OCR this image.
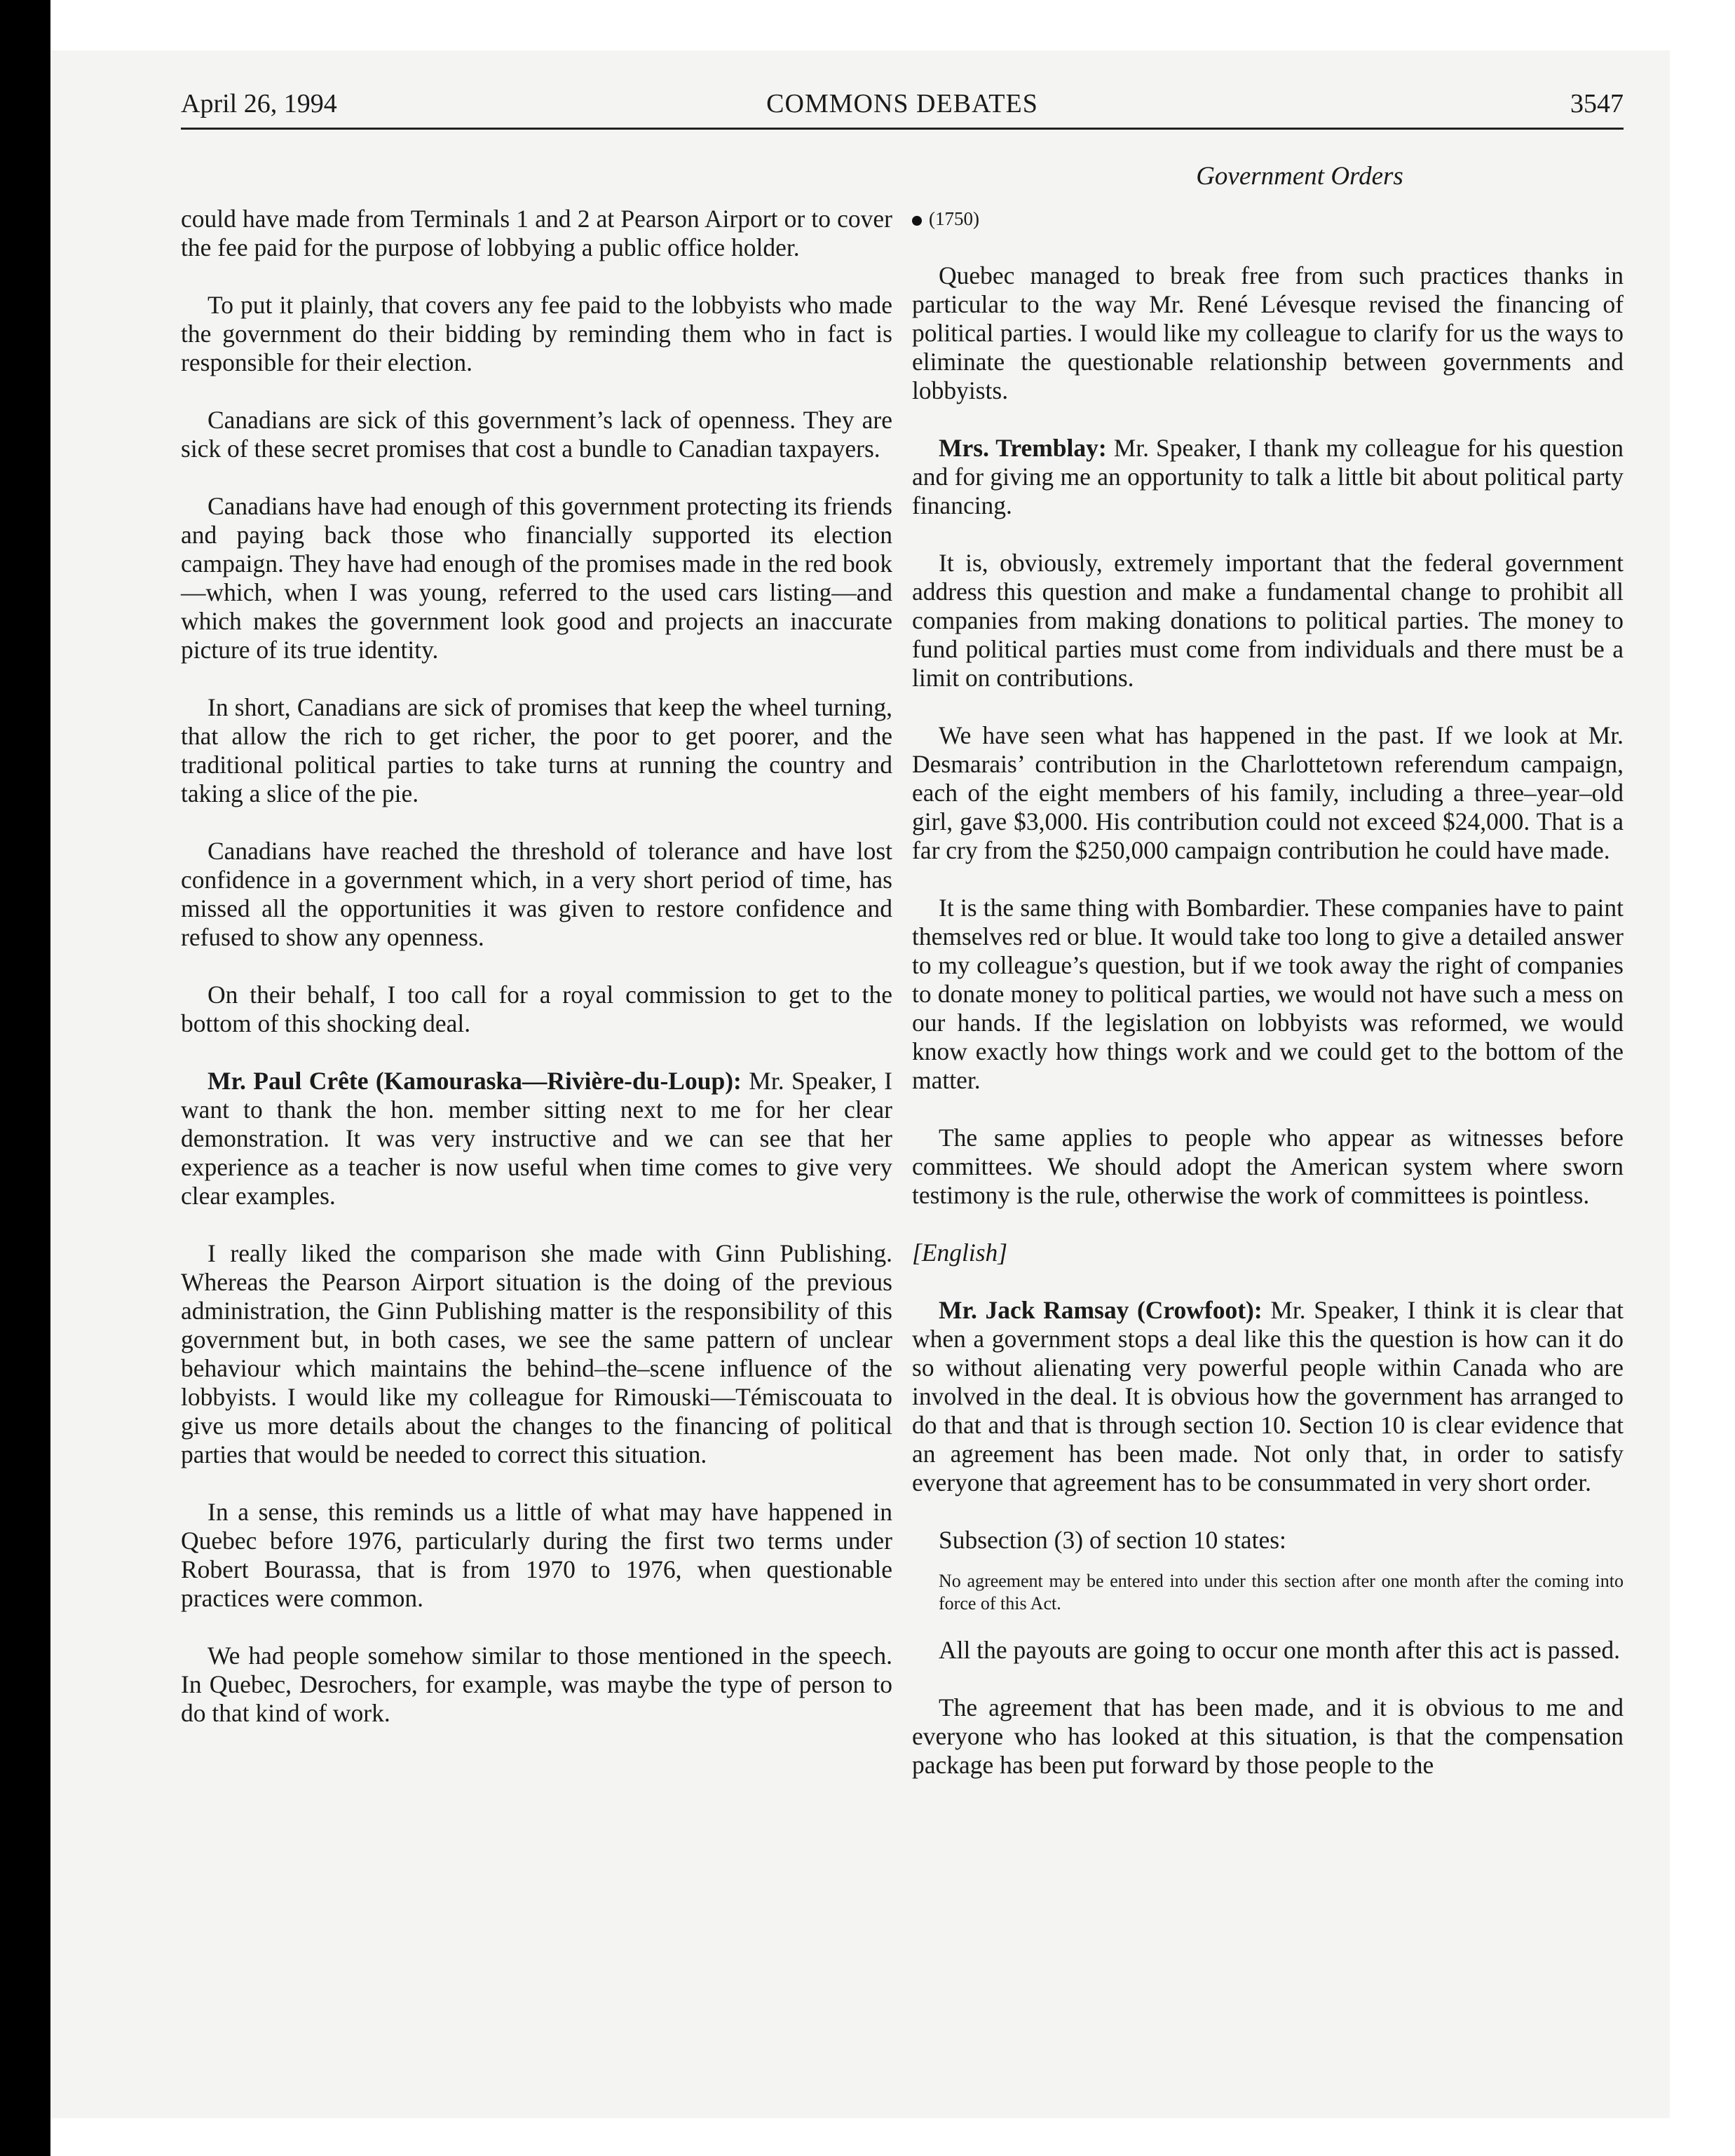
April 26, 1994	COMMONS DEBATES	3547
Government Orders

could have made from Terminals 1 and 2 at Pearson Airport or to cover the fee paid for the purpose of lobbying a public office holder.

To put it plainly, that covers any fee paid to the lobbyists who made the government do their bidding by reminding them who in fact is responsible for their election.

Canadians are sick of this government’s lack of openness. They are sick of these secret promises that cost a bundle to Canadian taxpayers.

Canadians have had enough of this government protecting its friends and paying back those who financially supported its election campaign. They have had enough of the promises made in the red book—which, when I was young, referred to the used cars listing—and which makes the government look good and projects an inaccurate picture of its true identity.

In short, Canadians are sick of promises that keep the wheel turning, that allow the rich to get richer, the poor to get poorer, and the traditional political parties to take turns at running the country and taking a slice of the pie.

Canadians have reached the threshold of tolerance and have lost confidence in a government which, in a very short period of time, has missed all the opportunities it was given to restore confidence and refused to show any openness.

On their behalf, I too call for a royal commission to get to the bottom of this shocking deal.

Mr. Paul Crête (Kamouraska—Rivière-du-Loup): Mr. Speaker, I want to thank the hon. member sitting next to me for her clear demonstration. It was very instructive and we can see that her experience as a teacher is now useful when time comes to give very clear examples.

I really liked the comparison she made with Ginn Publishing. Whereas the Pearson Airport situation is the doing of the previous administration, the Ginn Publishing matter is the responsibility of this government but, in both cases, we see the same pattern of unclear behaviour which maintains the behind–the–scene influence of the lobbyists. I would like my colleague for Rimouski—Témiscouata to give us more details about the changes to the financing of political parties that would be needed to correct this situation.

In a sense, this reminds us a little of what may have happened in Quebec before 1976, particularly during the first two terms under Robert Bourassa, that is from 1970 to 1976, when questionable practices were common.

We had people somehow similar to those mentioned in the speech. In Quebec, Desrochers, for example, was maybe the type of person to do that kind of work.

(1750)

Quebec managed to break free from such practices thanks in particular to the way Mr. René Lévesque revised the financing of political parties. I would like my colleague to clarify for us the ways to eliminate the questionable relationship between governments and lobbyists.

Mrs. Tremblay: Mr. Speaker, I thank my colleague for his question and for giving me an opportunity to talk a little bit about political party financing.

It is, obviously, extremely important that the federal government address this question and make a fundamental change to prohibit all companies from making donations to political parties. The money to fund political parties must come from individuals and there must be a limit on contributions.

We have seen what has happened in the past. If we look at Mr. Desmarais’ contribution in the Charlottetown referendum campaign, each of the eight members of his family, including a three–year–old girl, gave $3,000. His contribution could not exceed $24,000. That is a far cry from the $250,000 campaign contribution he could have made.

It is the same thing with Bombardier. These companies have to paint themselves red or blue. It would take too long to give a detailed answer to my colleague’s question, but if we took away the right of companies to donate money to political parties, we would not have such a mess on our hands. If the legislation on lobbyists was reformed, we would know exactly how things work and we could get to the bottom of the matter.

The same applies to people who appear as witnesses before committees. We should adopt the American system where sworn testimony is the rule, otherwise the work of committees is pointless.

[English]

Mr. Jack Ramsay (Crowfoot): Mr. Speaker, I think it is clear that when a government stops a deal like this the question is how can it do so without alienating very powerful people within Canada who are involved in the deal. It is obvious how the government has arranged to do that and that is through section 10. Section 10 is clear evidence that an agreement has been made. Not only that, in order to satisfy everyone that agreement has to be consummated in very short order.

Subsection (3) of section 10 states:

No agreement may be entered into under this section after one month after the coming into force of this Act.

All the payouts are going to occur one month after this act is passed.

The agreement that has been made, and it is obvious to me and everyone who has looked at this situation, is that the compensation package has been put forward by those people to the
